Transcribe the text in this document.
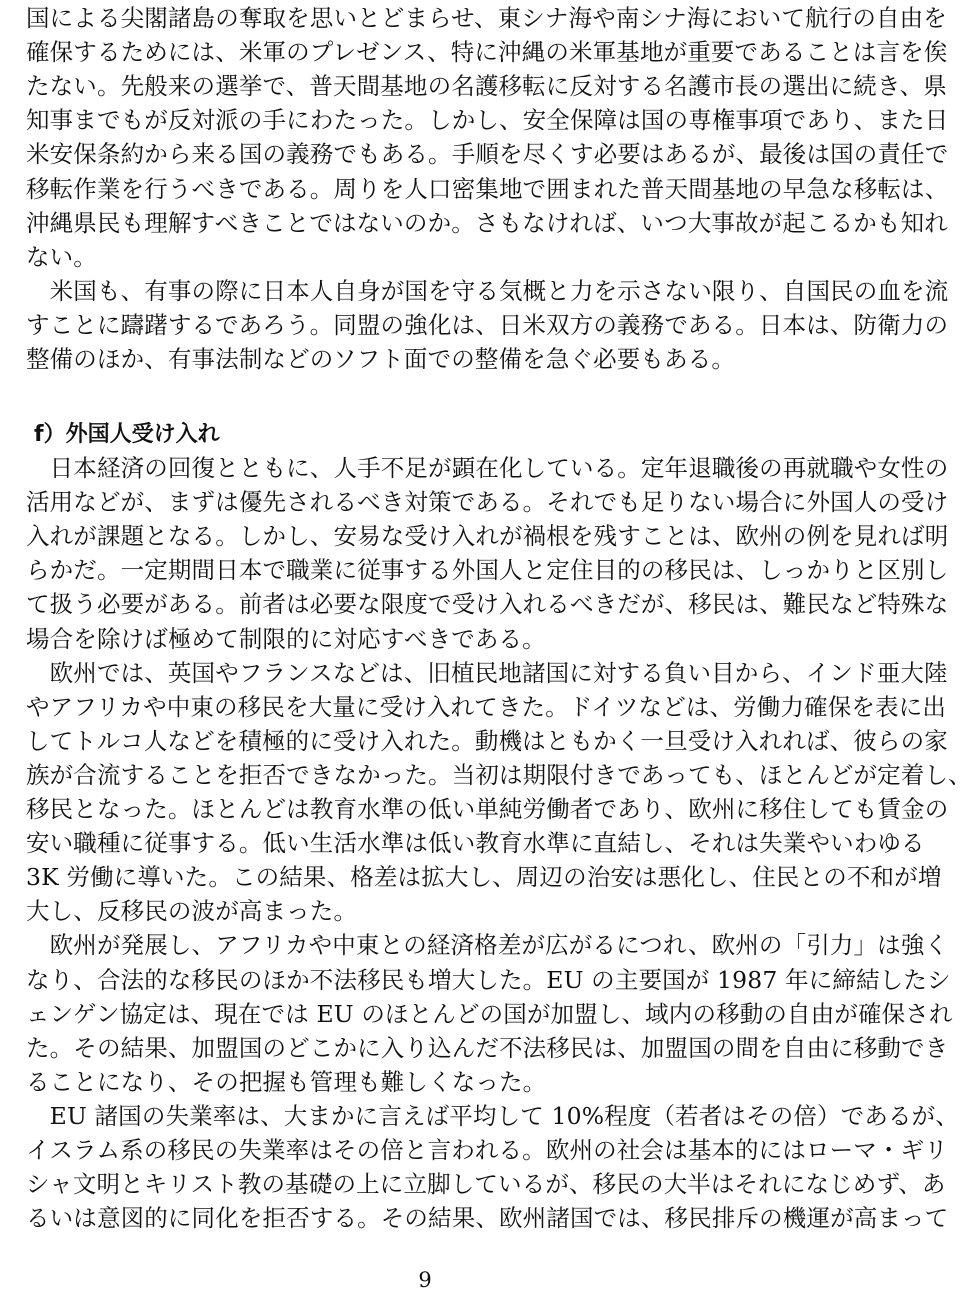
国による尖閣諸島の奪取を思いとどまらせ、東シナ海や南シナ海において航行の自由を
確保するためには、米軍のプレゼンス、特に沖縄の米軍基地が重要であることは言を俟
たない。先般来の選挙で、普天間基地の名護移転に反対する名護市長の選出に続き、県
知事までもが反対派の手にわたった。しかし、安全保障は国の専権事項であり、また日
米安保条約から来る国の義務でもある。手順を尽くす必要はあるが、最後は国の責任で
移転作業を行うべきである。周りを人口密集地で囲まれた普天間基地の早急な移転は、
沖縄県民も理解すべきことではないのか。さもなければ、いつ大事故が起こるかも知れ
ない。
　米国も、有事の際に日本人自身が国を守る気概と力を示さない限り、自国民の血を流
すことに躊躇するであろう。同盟の強化は、日米双方の義務である。日本は、防衛力の
整備のほか、有事法制などのソフト面での整備を急ぐ必要もある。
f）外国人受け入れ
　日本経済の回復とともに、人手不足が顕在化している。定年退職後の再就職や女性の
活用などが、まずは優先されるべき対策である。それでも足りない場合に外国人の受け
入れが課題となる。しかし、安易な受け入れが禍根を残すことは、欧州の例を見れば明
らかだ。一定期間日本で職業に従事する外国人と定住目的の移民は、しっかりと区別し
て扱う必要がある。前者は必要な限度で受け入れるべきだが、移民は、難民など特殊な
場合を除けば極めて制限的に対応すべきである。
　欧州では、英国やフランスなどは、旧植民地諸国に対する負い目から、インド亜大陸
やアフリカや中東の移民を大量に受け入れてきた。ドイツなどは、労働力確保を表に出
してトルコ人などを積極的に受け入れた。動機はともかく一旦受け入れれば、彼らの家
族が合流することを拒否できなかった。当初は期限付きであっても、ほとんどが定着し、
移民となった。ほとんどは教育水準の低い単純労働者であり、欧州に移住しても賃金の
安い職種に従事する。低い生活水準は低い教育水準に直結し、それは失業やいわゆる
3K 労働に導いた。この結果、格差は拡大し、周辺の治安は悪化し、住民との不和が増
大し、反移民の波が高まった。
　欧州が発展し、アフリカや中東との経済格差が広がるにつれ、欧州の「引力」は強く
なり、合法的な移民のほか不法移民も増大した。EU の主要国が 1987 年に締結したシ
ェンゲン協定は、現在では EU のほとんどの国が加盟し、域内の移動の自由が確保され
た。その結果、加盟国のどこかに入り込んだ不法移民は、加盟国の間を自由に移動でき
ることになり、その把握も管理も難しくなった。
　EU 諸国の失業率は、大まかに言えば平均して 10%程度（若者はその倍）であるが、
イスラム系の移民の失業率はその倍と言われる。欧州の社会は基本的にはローマ・ギリ
シャ文明とキリスト教の基礎の上に立脚しているが、移民の大半はそれになじめず、あ
るいは意図的に同化を拒否する。その結果、欧州諸国では、移民排斥の機運が高まって
9
